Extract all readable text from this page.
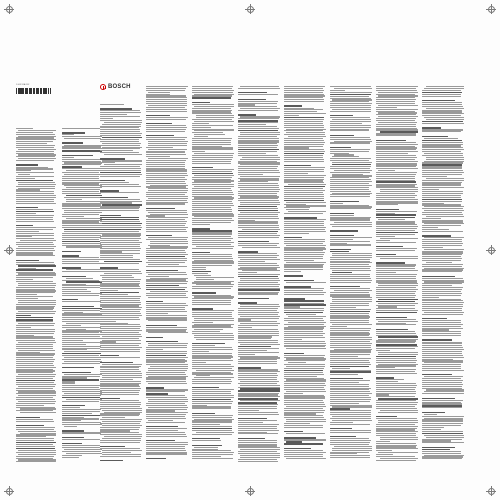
1 609 92A 0XX	BOSCH
